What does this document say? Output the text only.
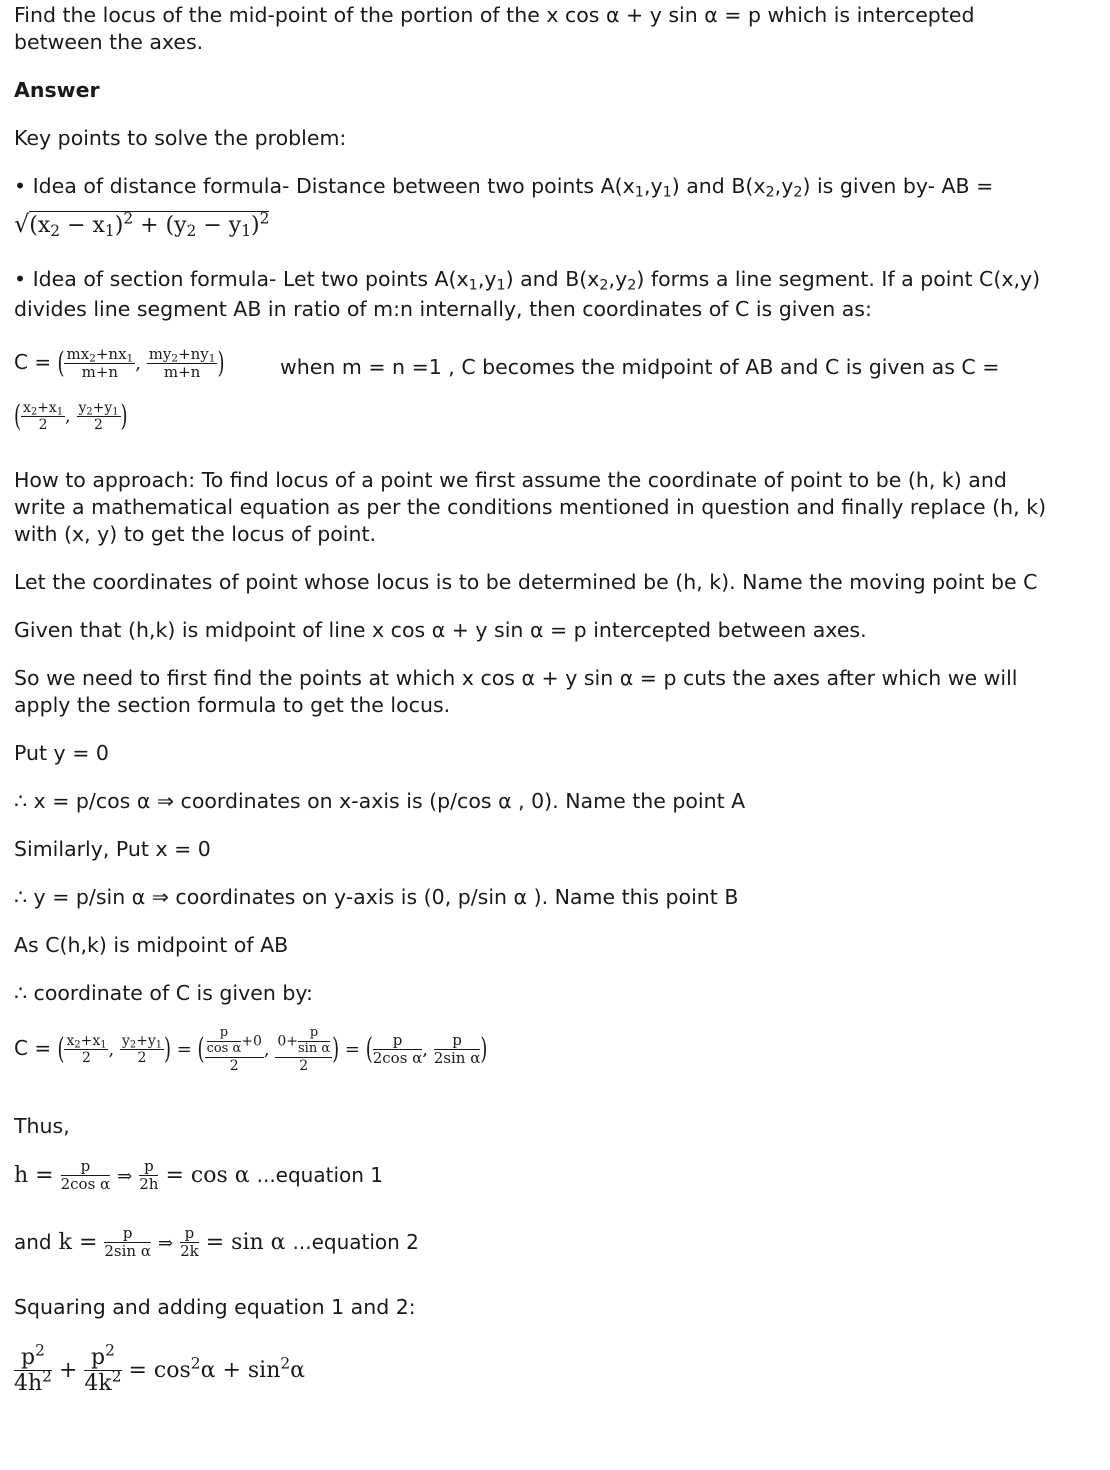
Find the locus of the mid-point of the portion of the x cos α + y sin α = p which is intercepted
between the axes.
Answer
Key points to solve the problem:
• Idea of distance formula- Distance between two points $A(x_1,y_1)$ and $B(x_2,y_2)$ is given by- AB =
$√(x_2 - x_1)^2 + (y_2 - y_1)^2$
• Idea of section formula- Let two points $A(x_1,y_1)$ and $B(x_2,y_2)$ forms a line segment. If a point C(x,y)
divides line segment AB in ratio of m:n internally, then coordinates of C is given as:
C = ( $\frac{mx_2+nx_1}{m+n}$ , $\frac{my_2+ny_1}{m+n}$ )	when m = n =1 , C becomes the midpoint of AB and C is given as C =
( $\frac{x_2+x_1}{2}$ , $\frac{y_2+y_1}{2}$ )
How to approach: To find locus of a point we first assume the coordinate of point to be (h, k) and
write a mathematical equation as per the conditions mentioned in question and finally replace (h, k)
with (x, y) to get the locus of point.
Let the coordinates of point whose locus is to be determined be (h, k). Name the moving point be C
Given that (h,k) is midpoint of line x cos α + y sin α = p intercepted between axes.
So we need to first find the points at which x cos α + y sin α = p cuts the axes after which we will
apply the section formula to get the locus.
Put y = 0
∴ x = p/cos α ⇒ coordinates on x-axis is (p/cos α , 0). Name the point A
Similarly, Put x = 0
∴ y = p/sin α ⇒ coordinates on y-axis is (0, p/sin α ). Name this point B
As C(h,k) is midpoint of AB
∴ coordinate of C is given by:
C = ( $\frac{x_2+x_1}{2}$ , $\frac{y_2+y_1}{2}$ ) = ( $\frac{\frac{p}{\text{cos α}} +0}{2}$ , $\frac{0+ \frac{p}{\text{sin α}}}{2}$ ) = ( $\frac{p}{\text{2cos α}}$ , $\frac{p}{\text{2sin α}}$ )
Thus,
$h = \frac{p}{\text{2cos α}}$ ⇒ $\frac{p}{2h} = \cos \alpha$ ...equation 1
and $k = \frac{p}{\text{2sin α}}$ ⇒ $\frac{p}{2k} = \sin \alpha$ ...equation 2
Squaring and adding equation 1 and 2:
$\frac{p^2}{4h^2} + \frac{p^2}{4k^2} = \cos^2\alpha + \sin^2\alpha$
